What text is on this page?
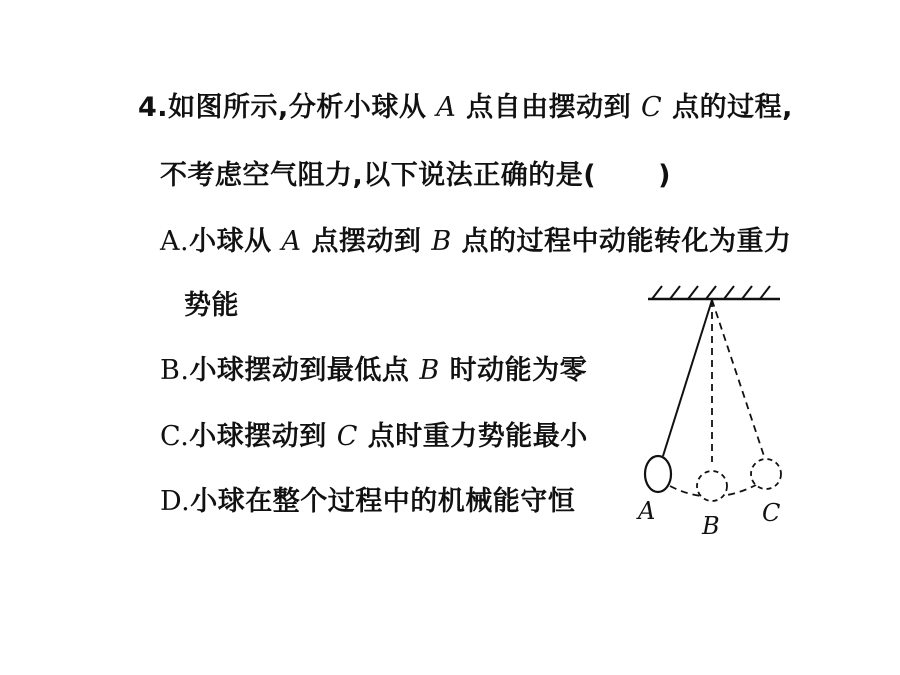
4.如图所示,分析小球从 A 点自由摆动到 C 点的过程,
不考虑空气阻力,以下说法正确的是( )
A.小球从 A 点摆动到 B 点的过程中动能转化为重力
势能
B.小球摆动到最低点 B 时动能为零
C.小球摆动到 C 点时重力势能最小
D.小球在整个过程中的机械能守恒	A
B C
